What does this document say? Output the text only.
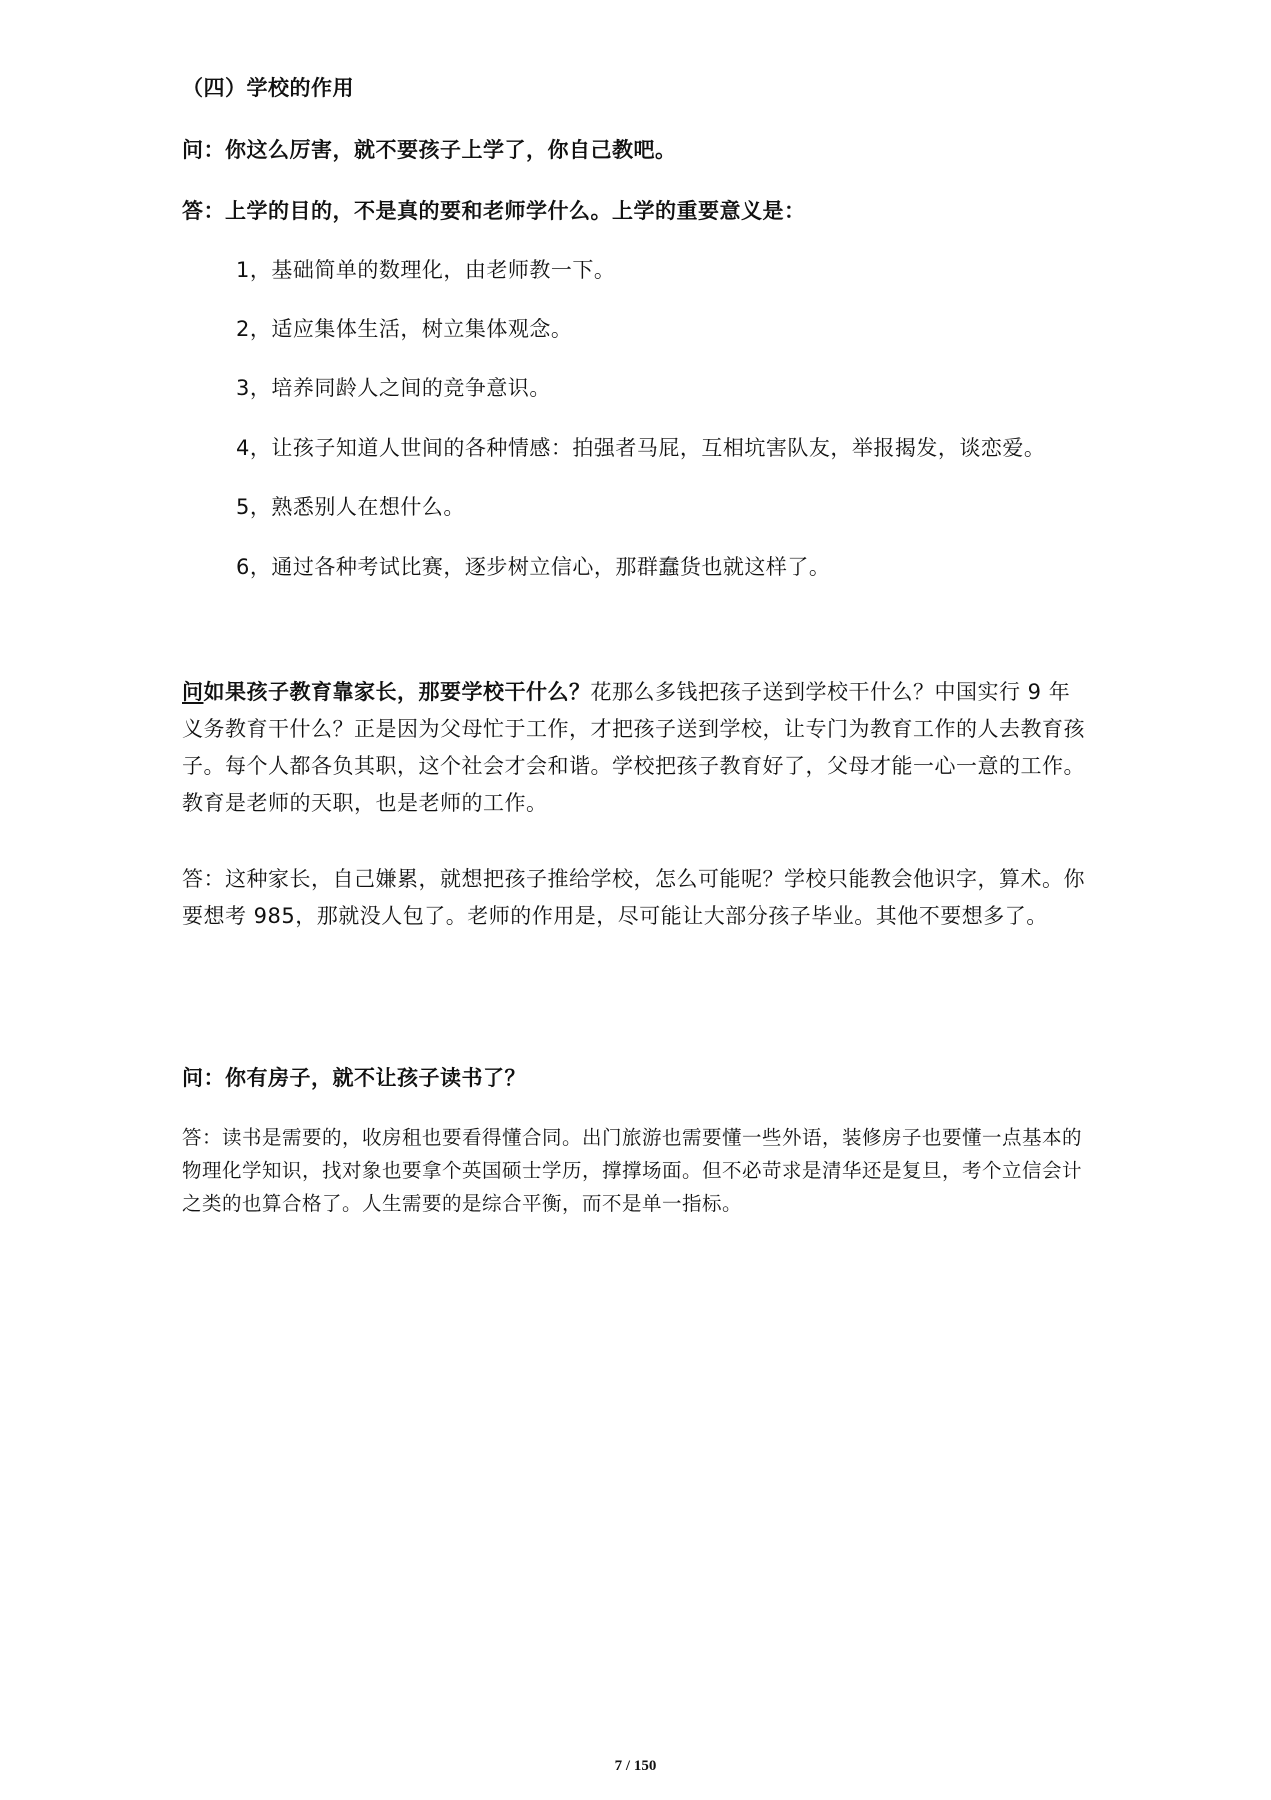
（四）学校的作用
问：你这么厉害，就不要孩子上学了，你自己教吧。
答：上学的目的，不是真的要和老师学什么。上学的重要意义是：
1，基础简单的数理化，由老师教一下。
2，适应集体生活，树立集体观念。
3，培养同龄人之间的竞争意识。
4，让孩子知道人世间的各种情感：拍强者马屁，互相坑害队友，举报揭发，谈恋爱。
5，熟悉别人在想什么。
6，通过各种考试比赛，逐步树立信心，那群蠢货也就这样了。
问如果孩子教育靠家长，那要学校干什么？花那么多钱把孩子送到学校干什么？中国实行 9 年义务教育干什么？正是因为父母忙于工作，才把孩子送到学校，让专门为教育工作的人去教育孩子。每个人都各负其职，这个社会才会和谐。学校把孩子教育好了，父母才能一心一意的工作。教育是老师的天职，也是老师的工作。
答：这种家长，自己嫌累，就想把孩子推给学校，怎么可能呢？学校只能教会他识字，算术。你要想考 985，那就没人包了。老师的作用是，尽可能让大部分孩子毕业。其他不要想多了。
问：你有房子，就不让孩子读书了？
答：读书是需要的，收房租也要看得懂合同。出门旅游也需要懂一些外语，装修房子也要懂一点基本的物理化学知识，找对象也要拿个英国硕士学历，撑撑场面。但不必苛求是清华还是复旦，考个立信会计之类的也算合格了。人生需要的是综合平衡，而不是单一指标。
7 / 150
